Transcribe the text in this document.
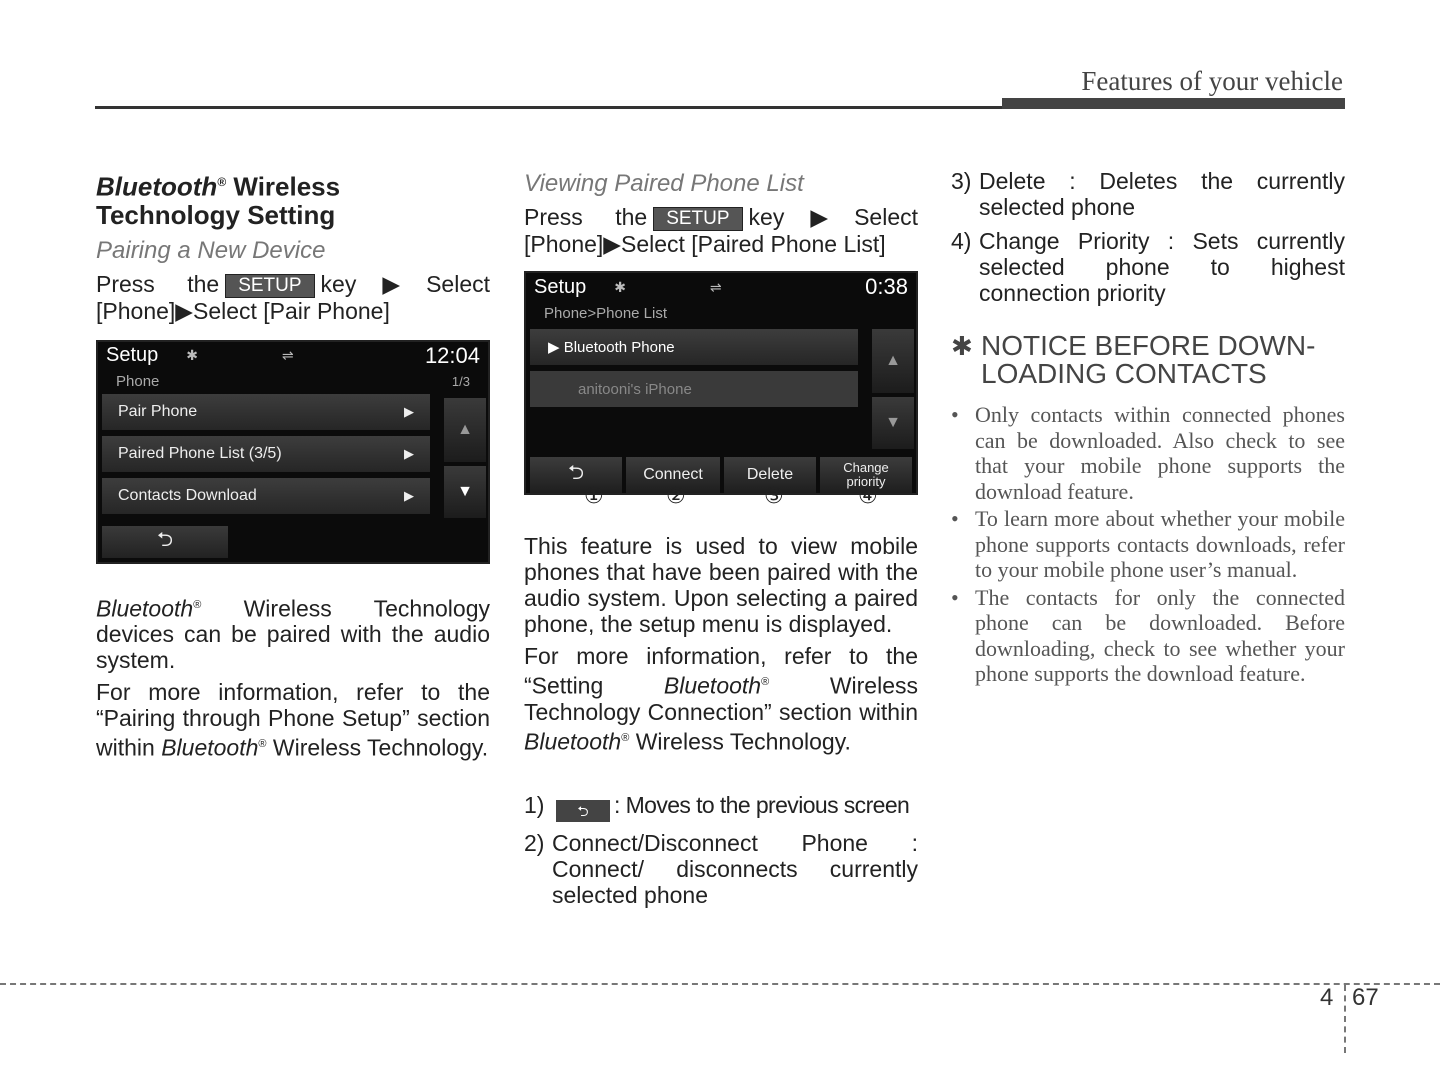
Features of your vehicle
Bluetooth® Wireless Technology Setting
Pairing a New Device

Press the SETUP key▶Select [Phone]▶Select [Pair Phone]

Setup ✱ ⇌	12:04
Phone	1/3
Pair Phone	▶
Paired Phone List (3/5)	▶
Contacts Download	▶
▲
▼
⮌

Bluetooth® Wireless Technology devices can be paired with the audio system.

For more information, refer to the “Pairing through Phone Setup” section within Bluetooth® Wireless Technology.

Viewing Paired Phone List

Press the SETUP key▶Select [Phone]▶Select [Paired Phone List]

Setup ✱ ⇌	0:38
Phone>Phone List
▶ Bluetooth Phone
anitooni's iPhone
▲
▼
⮌	Connect	Delete	Change priority
①	②	③	④

This feature is used to view mobile phones that have been paired with the audio system. Upon selecting a paired phone, the setup menu is displayed.

For more information, refer to the “Setting Bluetooth® Wireless Technology Connection” section within Bluetooth® Wireless Technology.

1)	⮌ : Moves to the previous screen
2) Connect/Disconnect Phone : Connect/ disconnects currently selected phone
3) Delete : Deletes the currently selected phone
4) Change Priority : Sets currently selected phone to highest connection priority
✱ NOTICE BEFORE DOWN-LOADING CONTACTS
• Only contacts within connected phones can be downloaded. Also check to see that your mobile phone supports the download feature.
• To learn more about whether your mobile phone supports contacts downloads, refer to your mobile phone user’s manual.
• The contacts for only the connected phone can be downloaded. Before downloading, check to see whether your phone supports the download feature.
4 67
